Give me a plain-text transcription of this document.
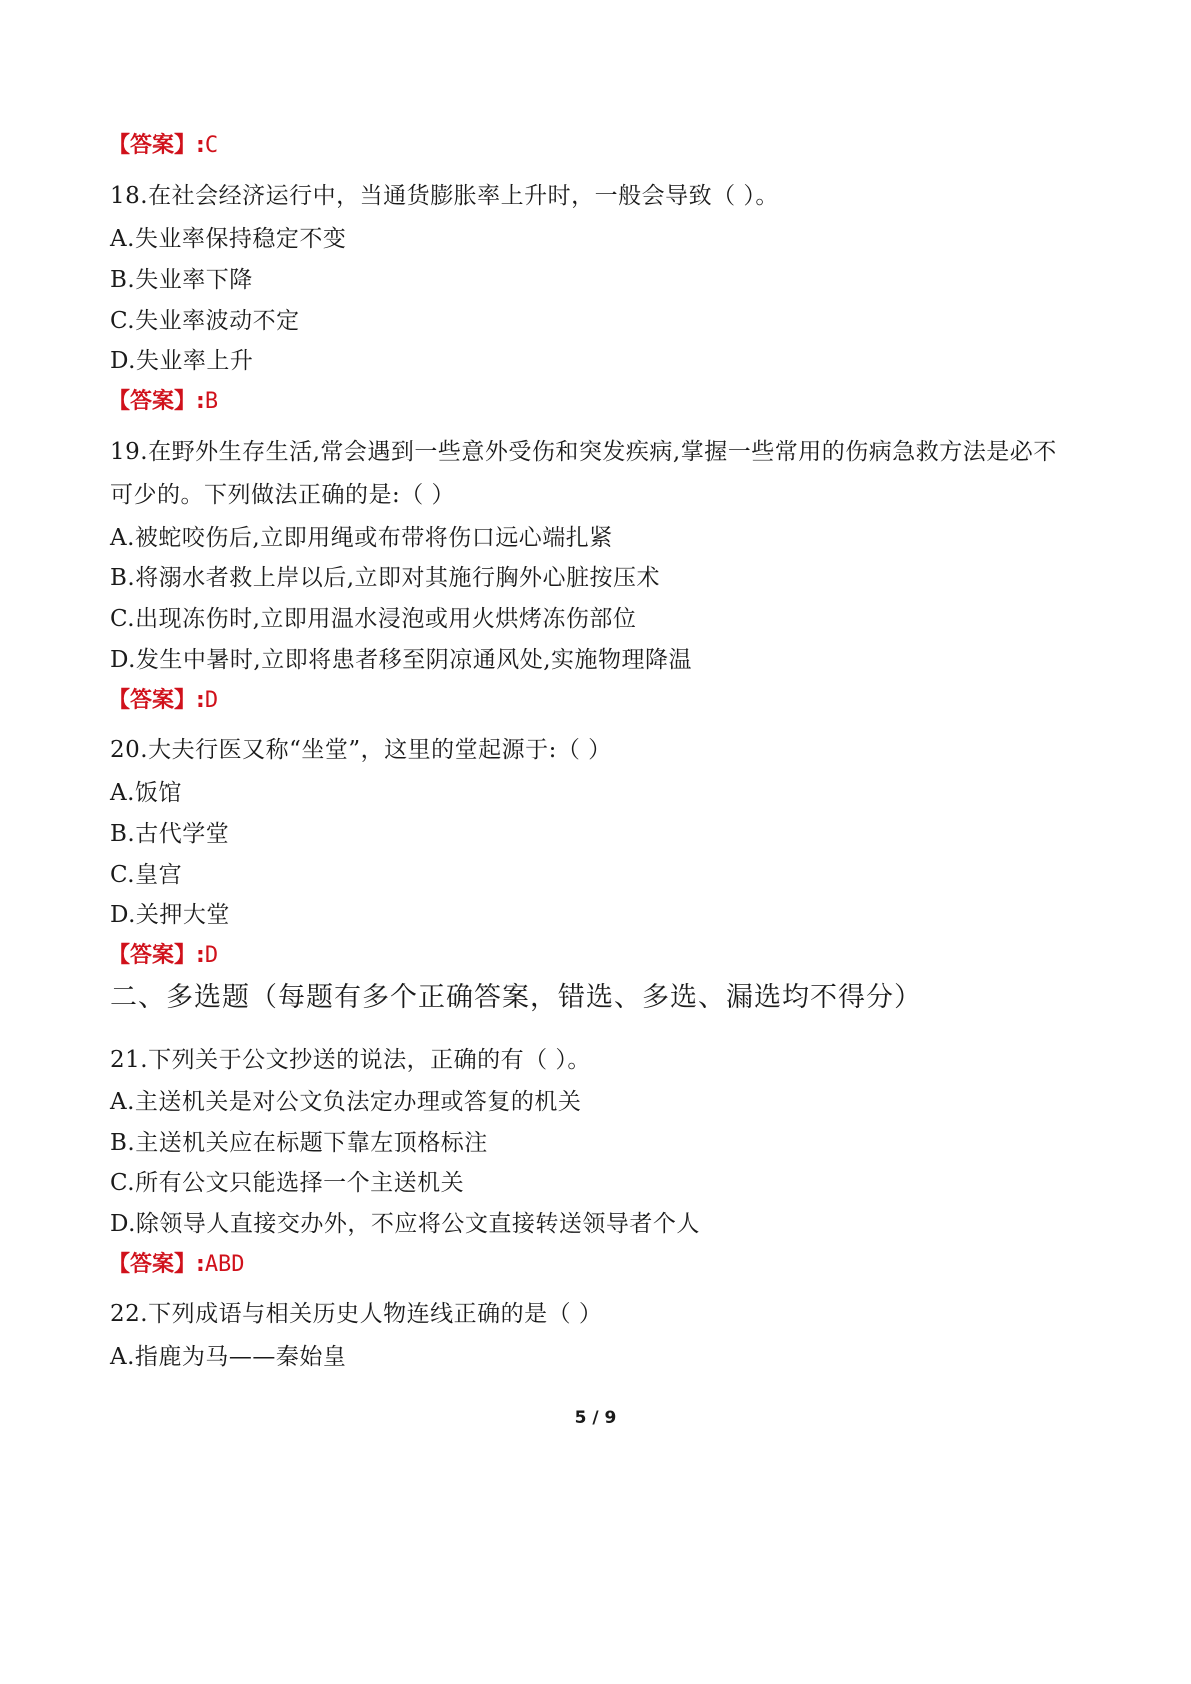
【答案】:C
18.在社会经济运行中，当通货膨胀率上升时，一般会导致（ ）。
A.失业率保持稳定不变
B.失业率下降
C.失业率波动不定
D.失业率上升
【答案】:B
19.在野外生存生活,常会遇到一些意外受伤和突发疾病,掌握一些常用的伤病急救方法是必不
可少的。下列做法正确的是:（ ）
A.被蛇咬伤后,立即用绳或布带将伤口远心端扎紧
B.将溺水者救上岸以后,立即对其施行胸外心脏按压术
C.出现冻伤时,立即用温水浸泡或用火烘烤冻伤部位
D.发生中暑时,立即将患者移至阴凉通风处,实施物理降温
【答案】:D
20.大夫行医又称“坐堂”，这里的堂起源于:（ ）
A.饭馆
B.古代学堂
C.皇宫
D.关押大堂
【答案】:D
二、多选题（每题有多个正确答案，错选、多选、漏选均不得分）
21.下列关于公文抄送的说法，正确的有（ ）。
A.主送机关是对公文负法定办理或答复的机关
B.主送机关应在标题下靠左顶格标注
C.所有公文只能选择一个主送机关
D.除领导人直接交办外，不应将公文直接转送领导者个人
【答案】:ABD
22.下列成语与相关历史人物连线正确的是（ ）
A.指鹿为马——秦始皇
5 / 9
